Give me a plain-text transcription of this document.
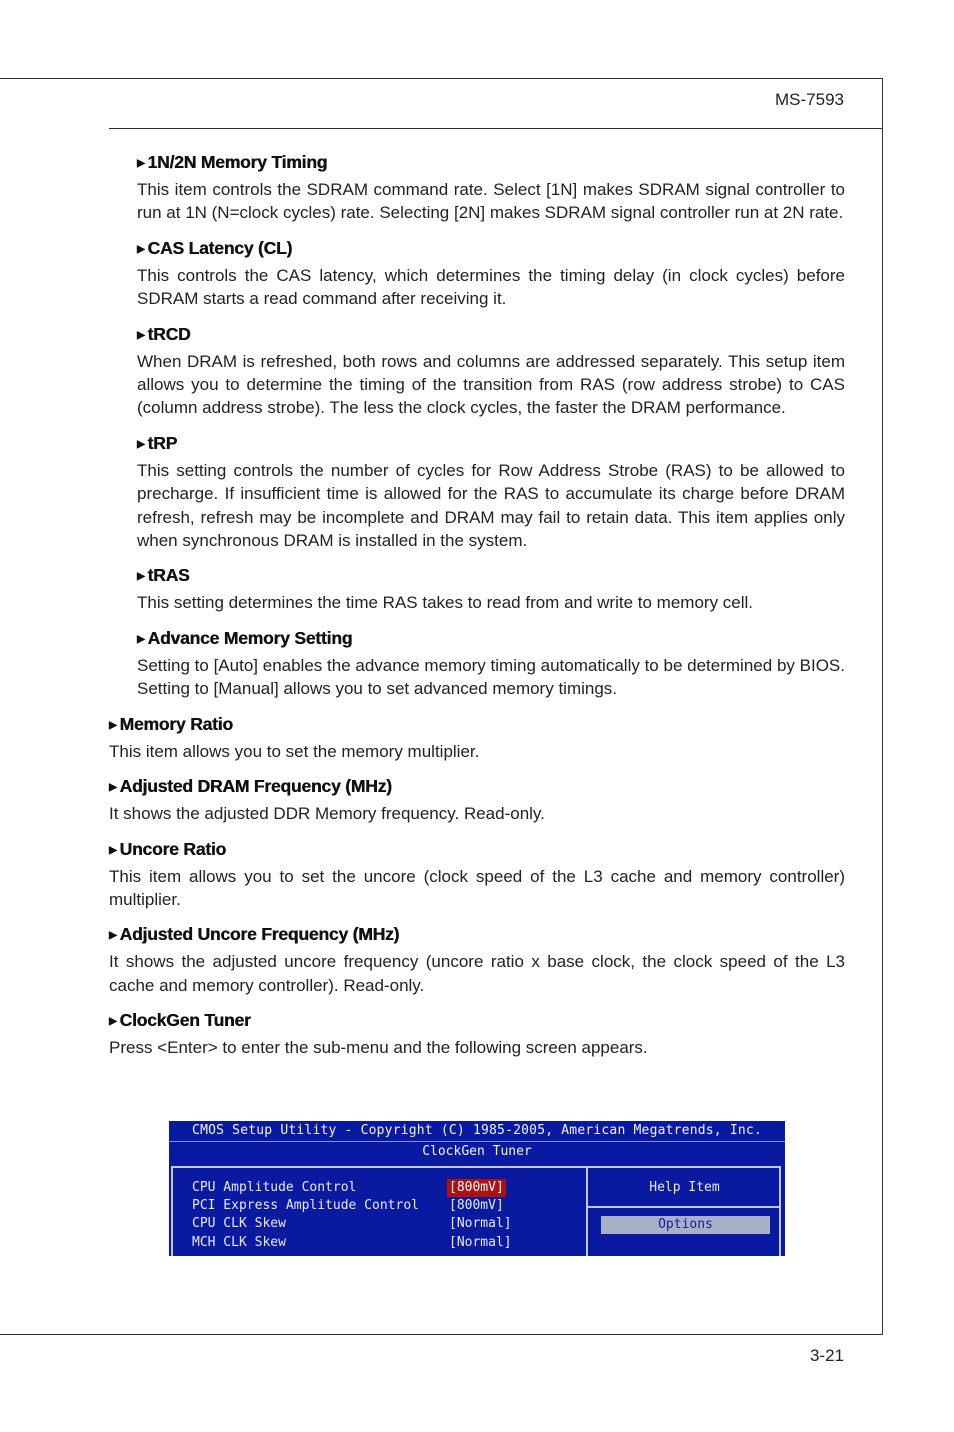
MS-7593
▶ 1N/2N Memory Timing

This item controls the SDRAM command rate. Select [1N] makes SDRAM signal controller to run at 1N (N=clock cycles) rate. Selecting [2N] makes SDRAM signal controller run at 2N rate.

▶ CAS Latency (CL)

This controls the CAS latency, which determines the timing delay (in clock cycles) before SDRAM starts a read command after receiving it.

▶ tRCD

When DRAM is refreshed, both rows and columns are addressed separately. This setup item allows you to determine the timing of the transition from RAS (row address strobe) to CAS (column address strobe). The less the clock cycles, the faster the DRAM performance.

▶ tRP

This setting controls the number of cycles for Row Address Strobe (RAS) to be allowed to precharge. If insufficient time is allowed for the RAS to accumulate its charge before DRAM refresh, refresh may be incomplete and DRAM may fail to retain data. This item applies only when synchronous DRAM is installed in the system.

▶ tRAS

This setting determines the time RAS takes to read from and write to memory cell.

▶ Advance Memory Setting

Setting to [Auto] enables the advance memory timing automatically to be determined by BIOS. Setting to [Manual] allows you to set advanced memory timings.

▶ Memory Ratio

This item allows you to set the memory multiplier.

▶ Adjusted DRAM Frequency (MHz)

It shows the adjusted DDR Memory frequency. Read-only.

▶ Uncore Ratio

This item allows you to set the uncore (clock speed of the L3 cache and memory controller) multiplier.

▶ Adjusted Uncore Frequency (MHz)

It shows the adjusted uncore frequency (uncore ratio x base clock, the clock speed of the L3 cache and memory controller). Read-only.

▶ ClockGen Tuner

Press <Enter> to enter the sub-menu and the following screen appears.

CMOS Setup Utility - Copyright (C) 1985-2005, American Megatrends, Inc.
ClockGen Tuner
CPU Amplitude Control	[800mV]
PCI Express Amplitude Control [800mV]
CPU CLK Skew	[Normal]
MCH CLK Skew	[Normal]
Help Item
Options
3-21
